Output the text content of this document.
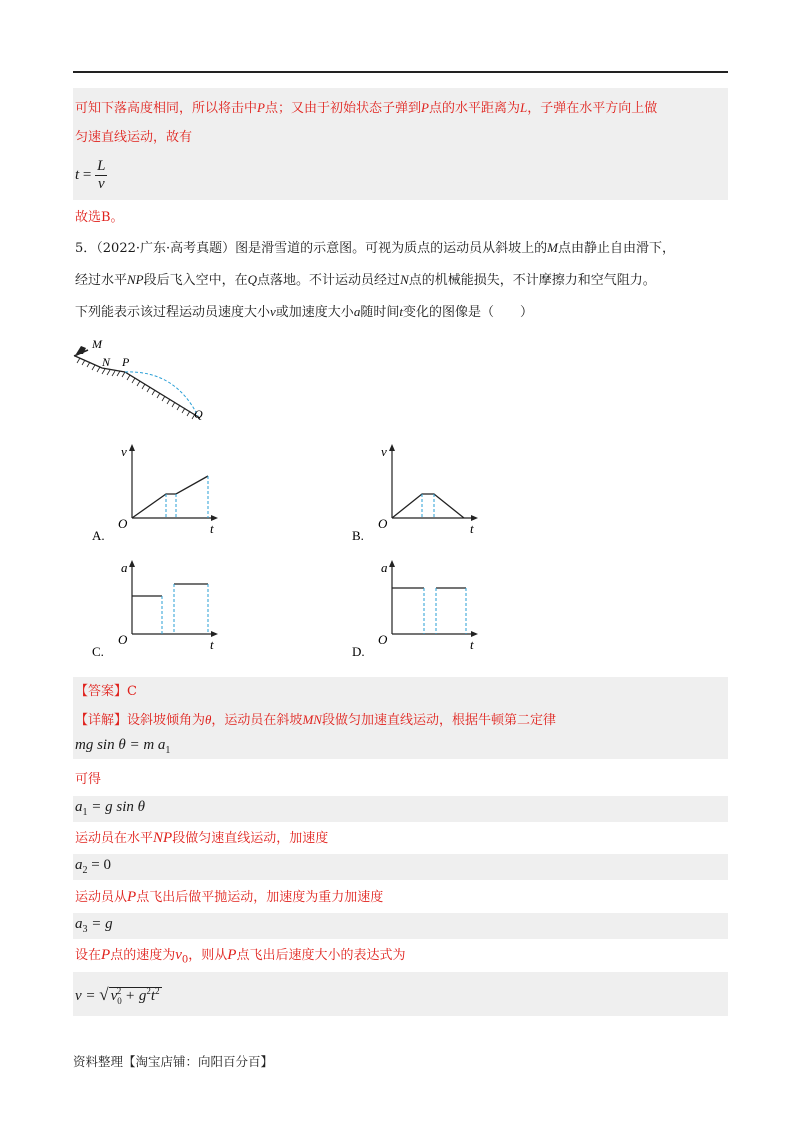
可知下落高度相同，所以将击中P点；又由于初始状态子弹到P点的水平距离为L，子弹在水平方向上做
匀速直线运动，故有
$t = \frac{L}{v}$
故选B。
5．（2022·广东·高考真题）图是滑雪道的示意图。可视为质点的运动员从斜坡上的M点由静止自由滑下，
经过水平NP段后飞入空中，在Q点落地。不计运动员经过N点的机械能损失，不计摩擦力和空气阻力。
下列能表示该过程运动员速度大小v或加速度大小a随时间t变化的图像是（　　）
M
N P
Q
v
O	t
A.
v
O	t
B.
a
O	t
C.
a
O	t
D.
【答案】C
【详解】设斜坡倾角为θ，运动员在斜坡MN段做匀加速直线运动，根据牛顿第二定律
mg sin θ = m $a_1$
可得
$a_1 = g$ sin θ
运动员在水平NP段做匀速直线运动，加速度
$a_2 = 0$
运动员从P点飞出后做平抛运动，加速度为重力加速度
$a_3 = g$
设在P点的速度为$v_0$，则从P点飞出后速度大小的表达式为
v = √ $v_0^2 + g^2t^2$
资料整理【淘宝店铺：向阳百分百】
